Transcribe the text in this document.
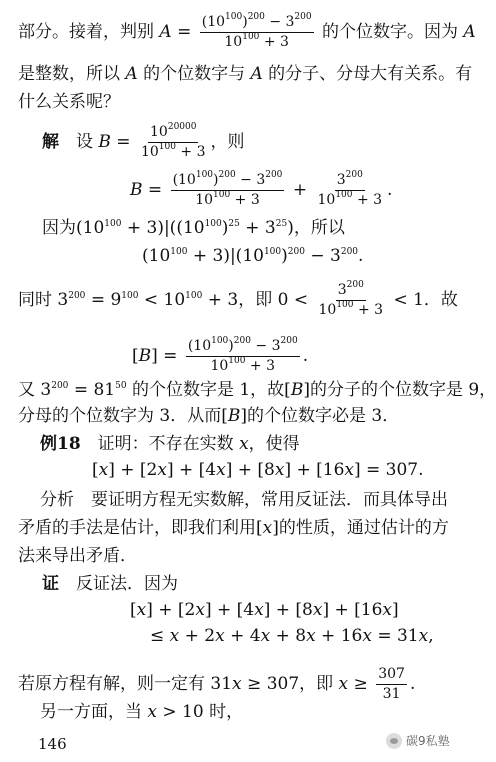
部分。接着，判别 $A = \frac{(10^{100})^{200} - 3^{200}}{10^{100} + 3}$ 的个位数字。因为 A
是整数，所以 A 的个位数字与 A 的分子、分母大有关系。有
什么关系呢？
解　设 $B = \frac{10^{20000}}{10^{100} + 3}$ ，则
$B = \frac{(10^{100})^{200} - 3^{200}}{10^{100} + 3} + \frac{3^{200}}{10^{100} + 3}$ .
因为$(10^{100} + 3)|((10^{100})^{25} + 3^{25})$，所以
$(10^{100} + 3)|(10^{100})^{200} - 3^{200}$.
同时 $3^{200} = 9^{100} < 10^{100} + 3$，即 $0 < \frac{3^{200}}{10^{100} + 3} < 1$．故
$[B] = \frac{(10^{100})^{200} - 3^{200}}{10^{100} + 3}$ .
又 $3^{200} = 81^{50}$ 的个位数字是 1，故[B]的分子的个位数字是 9，
分母的个位数字为 3．从而[B]的个位数字必是 3．
例18　证明：不存在实数 x，使得
[x] + [2x] + [4x] + [8x] + [16x] = 307.
分析　要证明方程无实数解，常用反证法．而具体导出
矛盾的手法是估计，即我们利用[x]的性质，通过估计的方
法来导出矛盾．
证　反证法．因为
[x] + [2x] + [4x] + [8x] + [16x]
≤ x + 2x + 4x + 8x + 16x = 31x,
若原方程有解，则一定有 31x ≥ 307，即 $x \ge \frac{307}{31}$ .
另一方面，当 x > 10 时，
146	碳9私塾
